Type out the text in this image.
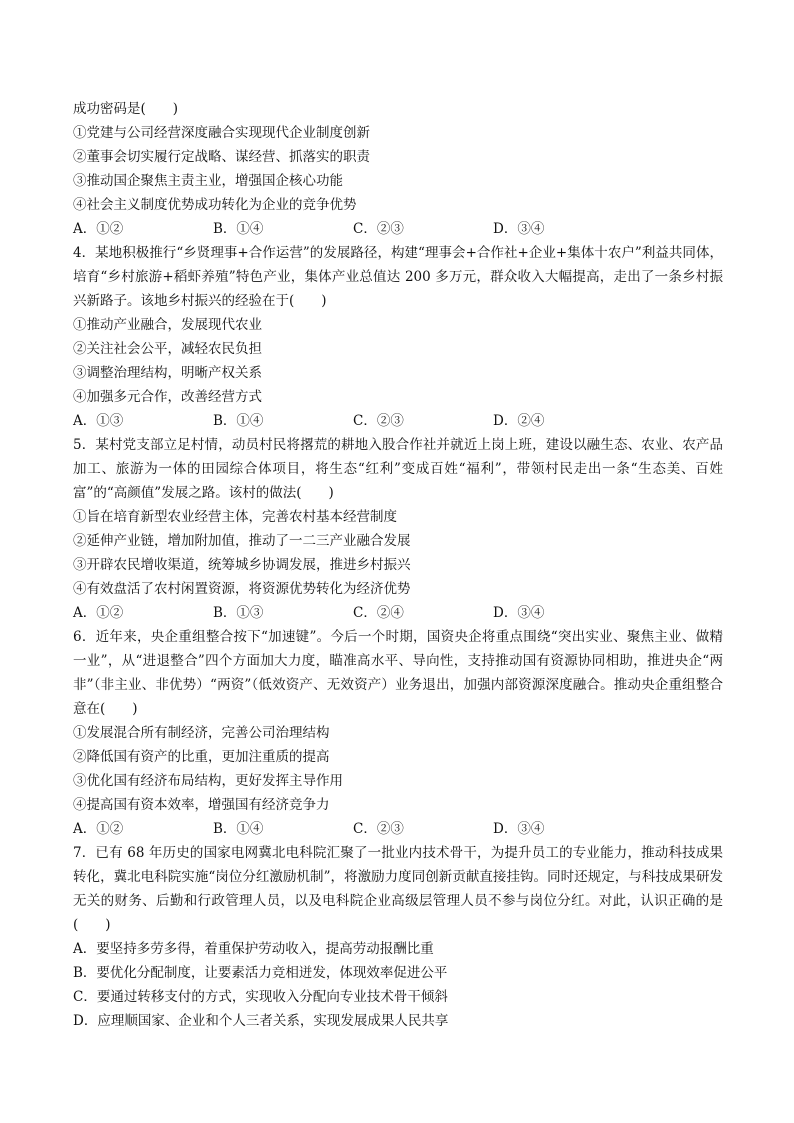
成功密码是(　　)
①党建与公司经营深度融合实现现代企业制度创新
②董事会切实履行定战略、谋经营、抓落实的职责
③推动国企聚焦主责主业，增强国企核心功能
④社会主义制度优势成功转化为企业的竞争优势
A．①②	B．①④	C．②③	D．③④
4．某地积极推行“乡贤理事+合作运营”的发展路径，构建“理事会+合作社+企业+集体十农户”利益共同体，培育“乡村旅游+稻虾养殖”特色产业，集体产业总值达 200 多万元，群众收入大幅提高，走出了一条乡村振兴新路子。该地乡村振兴的经验在于(　　)
①推动产业融合，发展现代农业
②关注社会公平，减轻农民负担
③调整治理结构，明晰产权关系
④加强多元合作，改善经营方式
A．①③	B．①④	C．②③	D．②④
5．某村党支部立足村情，动员村民将撂荒的耕地入股合作社并就近上岗上班，建设以融生态、农业、农产品加工、旅游为一体的田园综合体项目，将生态“红利”变成百姓“福利”，带领村民走出一条“生态美、百姓富”的“高颜值”发展之路。该村的做法(　　)
①旨在培育新型农业经营主体，完善农村基本经营制度
②延伸产业链，增加附加值，推动了一二三产业融合发展
③开辟农民增收渠道，统筹城乡协调发展，推进乡村振兴
④有效盘活了农村闲置资源，将资源优势转化为经济优势
A．①②	B．①③	C．②④	D．③④
6．近年来，央企重组整合按下“加速键”。今后一个时期，国资央企将重点围绕“突出实业、聚焦主业、做精一业”，从“进退整合”四个方面加大力度，瞄准高水平、导向性，支持推动国有资源协同相助，推进央企“两非”（非主业、非优势）“两资”（低效资产、无效资产）业务退出，加强内部资源深度融合。推动央企重组整合意在(　　)
①发展混合所有制经济，完善公司治理结构
②降低国有资产的比重，更加注重质的提高
③优化国有经济布局结构，更好发挥主导作用
④提高国有资本效率，增强国有经济竞争力
A．①②	B．①④	C．②③	D．③④
7．已有 68 年历史的国家电网冀北电科院汇聚了一批业内技术骨干，为提升员工的专业能力，推动科技成果转化，冀北电科院实施“岗位分红激励机制”，将激励力度同创新贡献直接挂钩。同时还规定，与科技成果研发无关的财务、后勤和行政管理人员，以及电科院企业高级层管理人员不参与岗位分红。对此，认识正确的是(　　)
A．要坚持多劳多得，着重保护劳动收入，提高劳动报酬比重
B．要优化分配制度，让要素活力竞相迸发，体现效率促进公平
C．要通过转移支付的方式，实现收入分配向专业技术骨干倾斜
D．应理顺国家、企业和个人三者关系，实现发展成果人民共享
